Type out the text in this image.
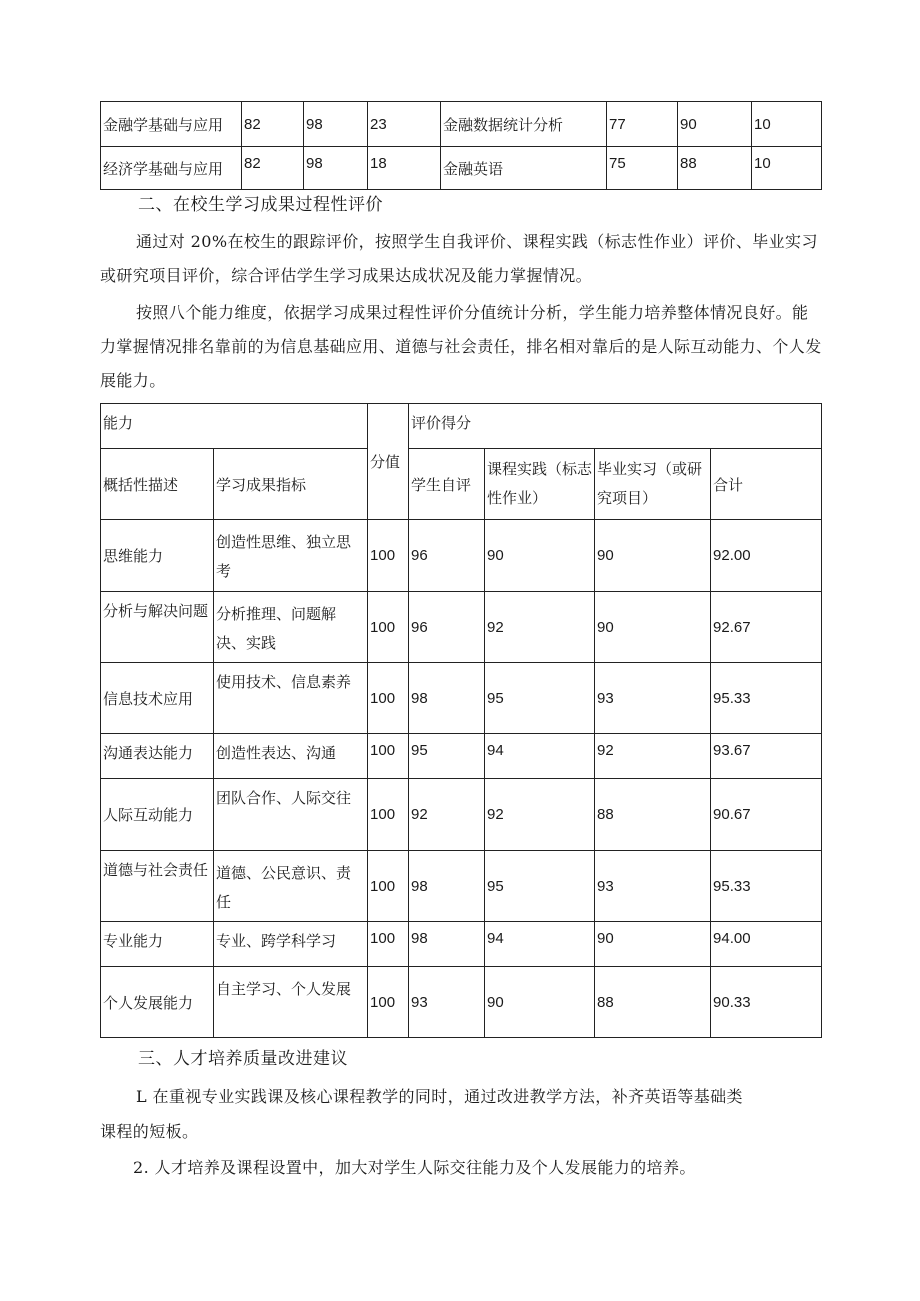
金融学基础与应用	82	98	23	金融数据统计分析	77	90	10
经济学基础与应用	82	98	18	金融英语	75	88	10
二、在校生学习成果过程性评价

通过对 20%在校生的跟踪评价，按照学生自我评价、课程实践（标志性作业）评价、毕业实习或研究项目评价，综合评估学生学习成果达成状况及能力掌握情况。

按照八个能力维度，依据学习成果过程性评价分值统计分析，学生能力培养整体情况良好。能力掌握情况排名靠前的为信息基础应用、道德与社会责任，排名相对靠后的是人际互动能力、个人发展能力。

能力		分值	评价得分			
概括性描述	学习成果指标		学生自评	课程实践（标志性作业）	毕业实习（或研究项目）	合计
思维能力	创造性思维、独立思考	100	96	90	90	92.00
分析与解决问题	分析推理、问题解决、实践	100	96	92	90	92.67
信息技术应用	使用技术、信息素养	100	98	95	93	95.33
沟通表达能力	创造性表达、沟通	100	95	94	92	93.67
人际互动能力	团队合作、人际交往	100	92	92	88	90.67
道德与社会责任	道德、公民意识、责任	100	98	95	93	95.33
专业能力	专业、跨学科学习	100	98	94	90	94.00
个人发展能力	自主学习、个人发展	100	93	90	88	90.33
三、人才培养质量改进建议

L 在重视专业实践课及核心课程教学的同时，通过改进教学方法，补齐英语等基础类

课程的短板。

2. 人才培养及课程设置中，加大对学生人际交往能力及个人发展能力的培养。
